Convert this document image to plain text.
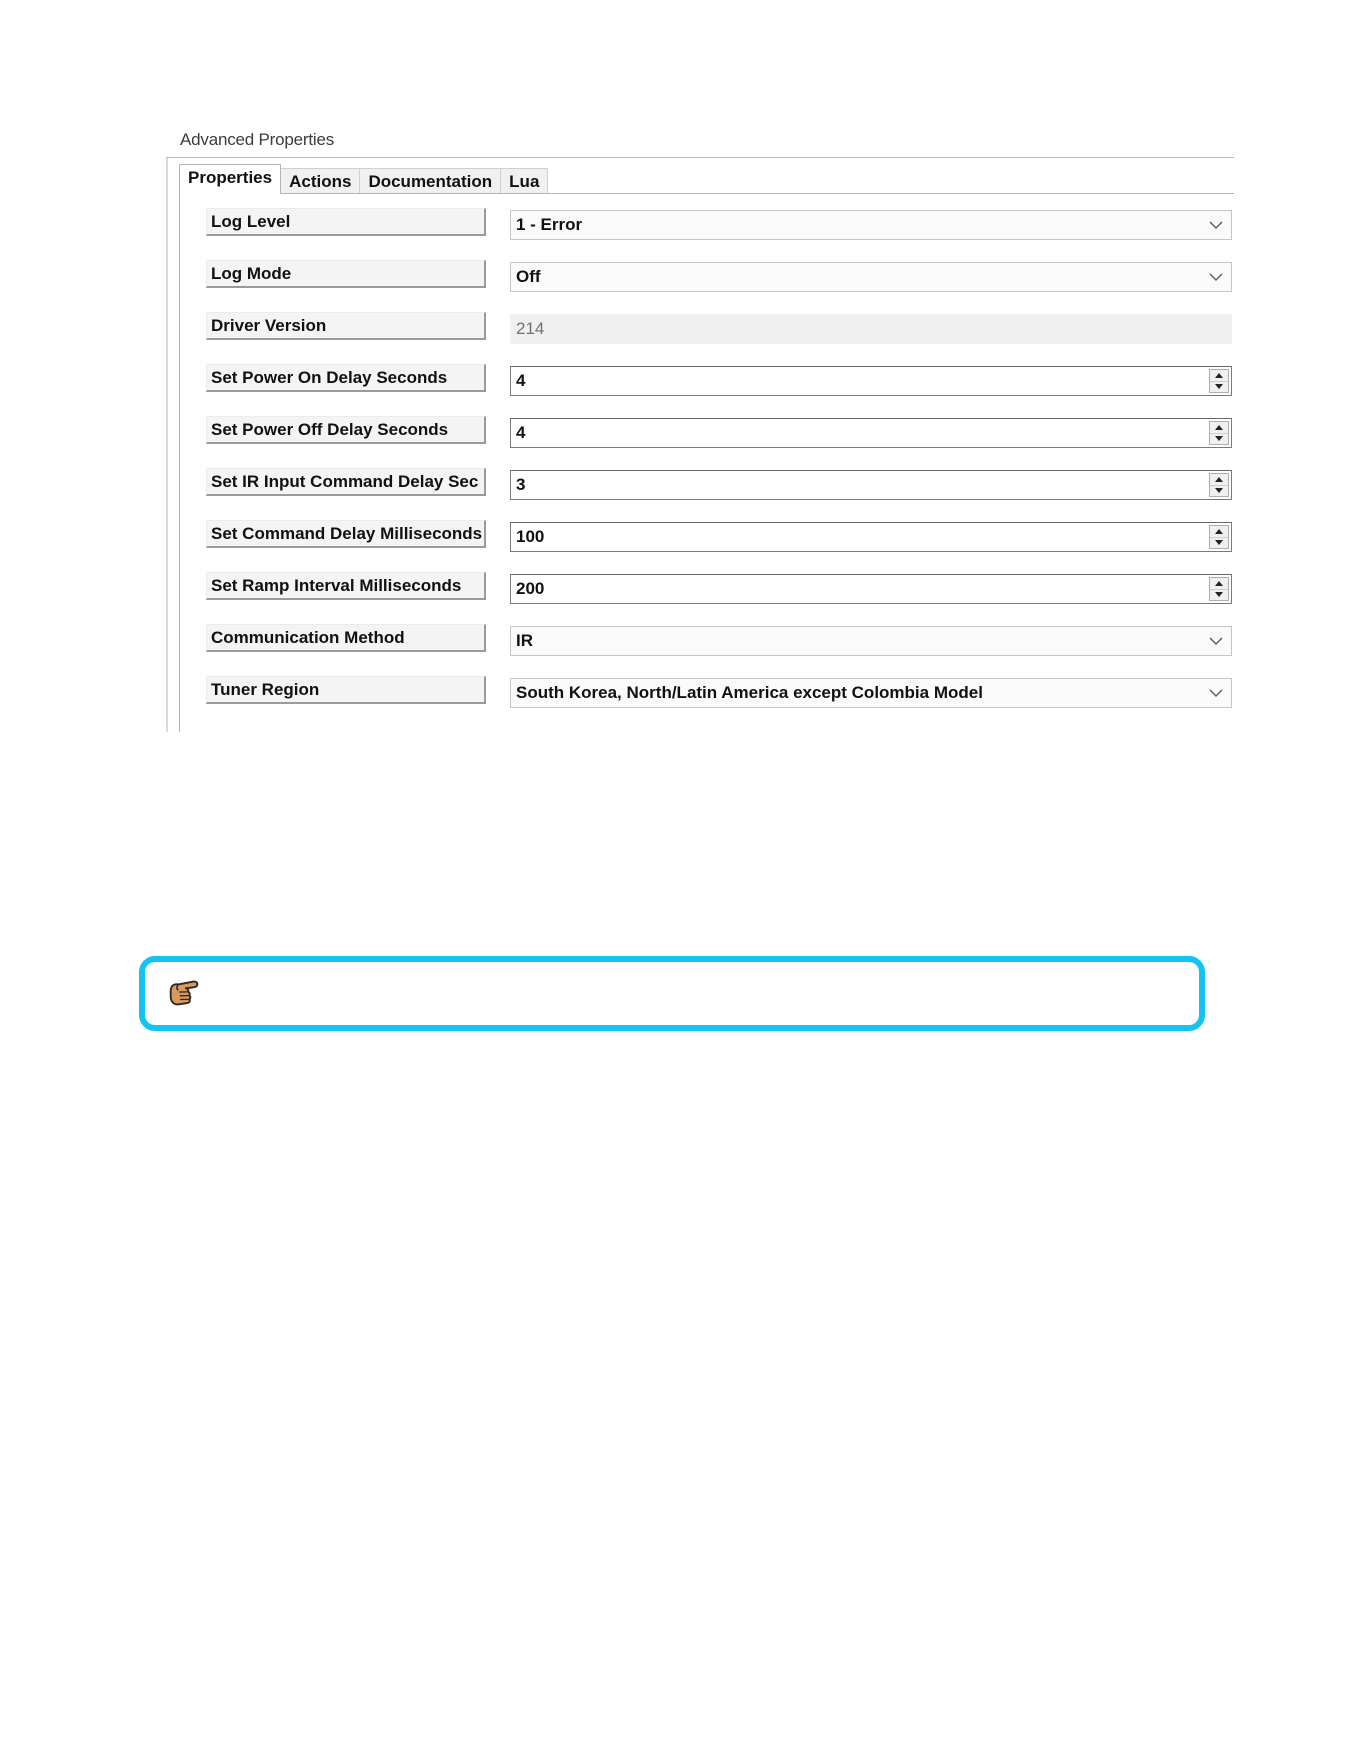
Advanced Properties
Properties	Actions	Documentation	Lua
Log Level	1 - Error
Log Mode	Off
Driver Version	214
Set Power On Delay Seconds	4
Set Power Off Delay Seconds	4
Set IR Input Command Delay Sec	3
Set Command Delay Milliseconds	100
Set Ramp Interval Milliseconds	200
Communication Method	IR
Tuner Region	South Korea, North/Latin America except Colombia Model
